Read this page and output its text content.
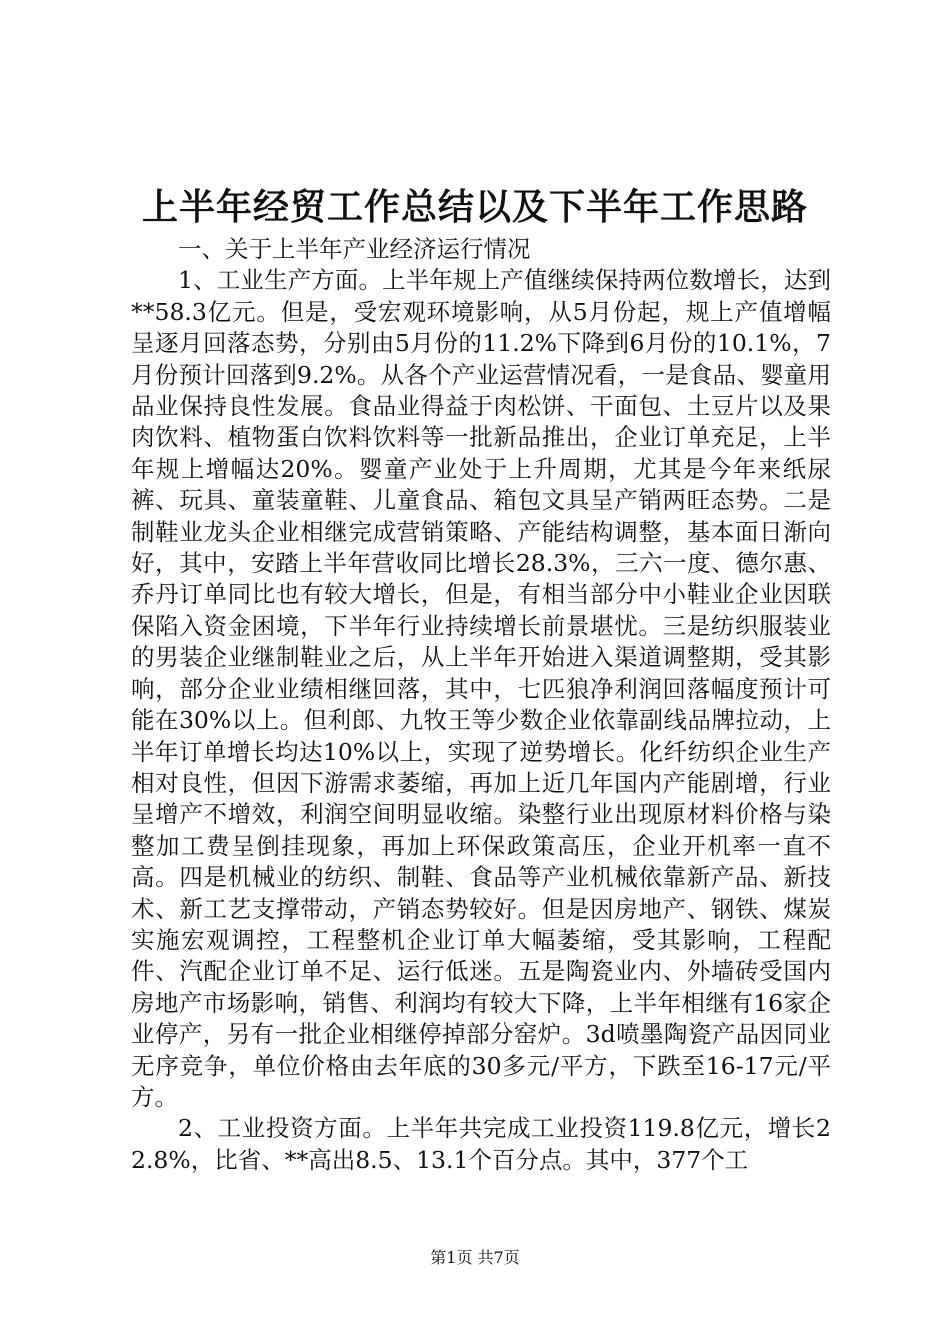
上半年经贸工作总结以及下半年工作思路

一、关于上半年产业经济运行情况

1、工业生产方面。上半年规上产值继续保持两位数增长，达到**58.3亿元。但是，受宏观环境影响，从5月份起，规上产值增幅呈逐月回落态势，分别由5月份的11.2%下降到6月份的10.1%，7月份预计回落到9.2%。从各个产业运营情况看，一是食品、婴童用品业保持良性发展。食品业得益于肉松饼、干面包、土豆片以及果肉饮料、植物蛋白饮料饮料等一批新品推出，企业订单充足，上半年规上增幅达20%。婴童产业处于上升周期，尤其是今年来纸尿裤、玩具、童装童鞋、儿童食品、箱包文具呈产销两旺态势。二是制鞋业龙头企业相继完成营销策略、产能结构调整，基本面日渐向好，其中，安踏上半年营收同比增长28.3%，三六一度、德尔惠、乔丹订单同比也有较大增长，但是，有相当部分中小鞋业企业因联保陷入资金困境，下半年行业持续增长前景堪忧。三是纺织服装业的男装企业继制鞋业之后，从上半年开始进入渠道调整期，受其影响，部分企业业绩相继回落，其中，七匹狼净利润回落幅度预计可能在30%以上。但利郎、九牧王等少数企业依靠副线品牌拉动，上半年订单增长均达10%以上，实现了逆势增长。化纤纺织企业生产相对良性，但因下游需求萎缩，再加上近几年国内产能剧增，行业呈增产不增效，利润空间明显收缩。染整行业出现原材料价格与染整加工费呈倒挂现象，再加上环保政策高压，企业开机率一直不高。四是机械业的纺织、制鞋、食品等产业机械依靠新产品、新技术、新工艺支撑带动，产销态势较好。但是因房地产、钢铁、煤炭实施宏观调控，工程整机企业订单大幅萎缩，受其影响，工程配件、汽配企业订单不足、运行低迷。五是陶瓷业内、外墙砖受国内房地产市场影响，销售、利润均有较大下降，上半年相继有16家企业停产，另有一批企业相继停掉部分窑炉。3d喷墨陶瓷产品因同业无序竞争，单位价格由去年底的30多元/平方，下跌至16-17元/平方。

2、工业投资方面。上半年共完成工业投资119.8亿元，增长22.8%，比省、**高出8.5、13.1个百分点。其中，377个工

第1页 共7页
